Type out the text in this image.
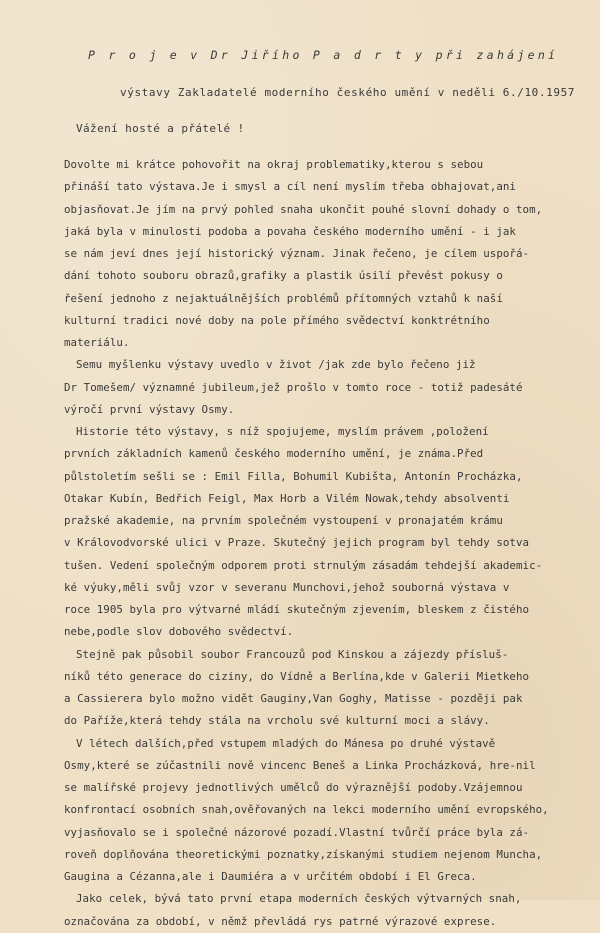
P r o j e v Dr Jiřího P a d r t y při zahájení
výstavy Zakladatelé moderního českého umění v neděli 6./10.1957
Vážení hosté a přátelé !
Dovolte mi krátce pohovořit na okraj problematiky,kterou s sebou
přináší tato výstava.Je i smysl a cíl není myslím třeba obhajovat,ani
objasňovat.Je jím na prvý pohled snaha ukončit pouhé slovní dohady o tom,
jaká byla v minulosti podoba a povaha českého moderního umění - i jak
se nám jeví dnes její historický význam. Jinak řečeno, je cílem uspořá-
dání tohoto souboru obrazů,grafiky a plastik úsilí převést pokusy o
řešení jednoho z nejaktuálnějších problémů přítomných vztahů k naší
kulturní tradici nové doby na pole přímého svědectví konktrétního
materiálu.
Semu myšlenku výstavy uvedlo v život /jak zde bylo řečeno již
Dr Tomešem/ významné jubileum,jež prošlo v tomto roce - totiž padesáté
výročí první výstavy Osmy.
Historie této výstavy, s níž spojujeme, myslím právem ,položení
prvních základních kamenů českého moderního umění, je známa.Před
půlstoletím sešli se : Emil Filla, Bohumil Kubišta, Antonín Procházka,
Otakar Kubín, Bedřich Feigl, Max Horb a Vilém Nowak,tehdy absolventi
pražské akademie, na prvním společném vystoupení v pronajatém krámu
v Královodvorské ulici v Praze. Skutečný jejich program byl tehdy sotva
tušen. Vedení společným odporem proti strnulým zásadám tehdejší akademic-
ké výuky,měli svůj vzor v severanu Munchovi,jehož souborná výstava v
roce 1905 byla pro výtvarné mládí skutečným zjevením, bleskem z čistého
nebe,podle slov dobového svědectví.
Stejně pak působil soubor Francouzů pod Kinskou a zájezdy přísluš-
níků této generace do ciziny, do Vídně a Berlína,kde v Galerii Mietkeho
a Cassierera bylo možno vidět Gauginy,Van Goghy, Matisse - později pak
do Paříže,která tehdy stála na vrcholu své kulturní moci a slávy.
V létech dalších,před vstupem mladých do Mánesa po druhé výstavě
Osmy,které se zúčastnili nově vincenc Beneš a Linka Procházková, hre-nil
se malířské projevy jednotlivých umělců do výraznější podoby.Vzájemnou
konfrontací osobních snah,ověřovaných na lekci moderního umění evropského,
vyjasňovalo se i společné názorové pozadí.Vlastní tvůrčí práce byla zá-
roveň doplňována theoretickými poznatky,získanými studiem nejenom Muncha,
Gaugina a Cézanna,ale i Daumiéra a v určitém období i El Greca.
Jako celek, bývá tato první etapa moderních českých výtvarných snah,
označována za období, v němž převládá rys patrné výrazové exprese.
